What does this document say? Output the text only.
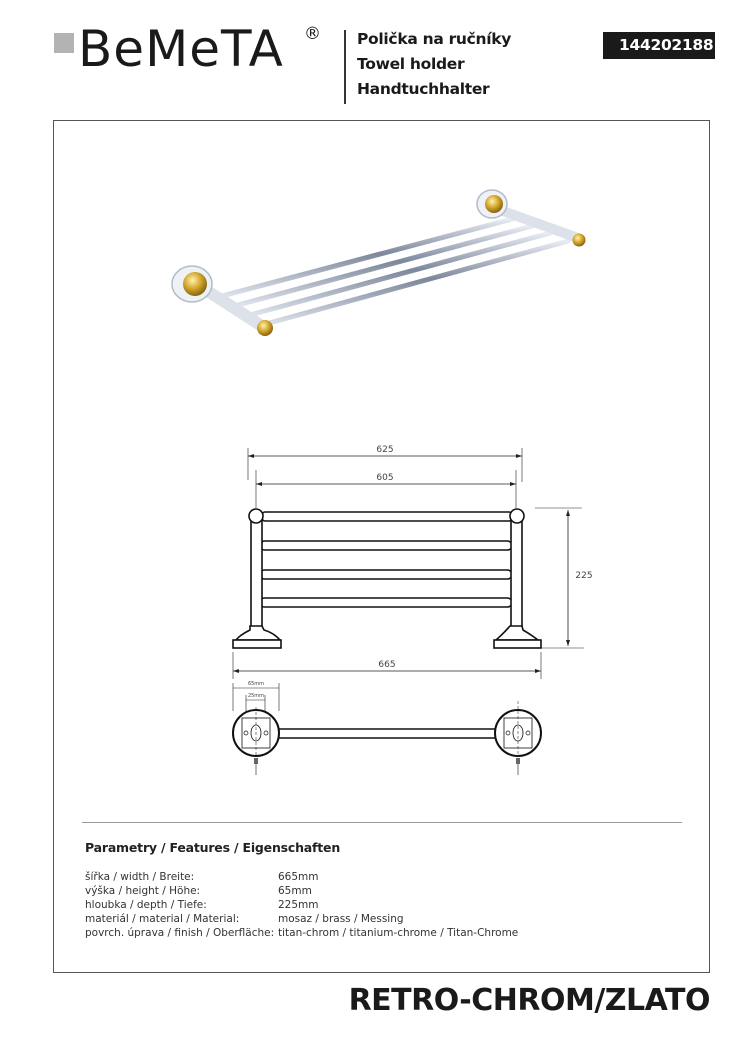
BeMeTA ® Polička na ručníky
Towel holder
Handtuchhalter
144202188
625
605
225
665
65mm
25mm
Parametry / Features / Eigenschaften
šířka / width / Breite:	665mm
výška / height / Höhe:	65mm
hloubka / depth / Tiefe:	225mm
materiál / material / Material:	mosaz / brass / Messing
povrch. úprava / finish / Oberfläche: titan-chrom / titanium-chrome / Titan-Chrome
RETRO-CHROM/ZLATO
